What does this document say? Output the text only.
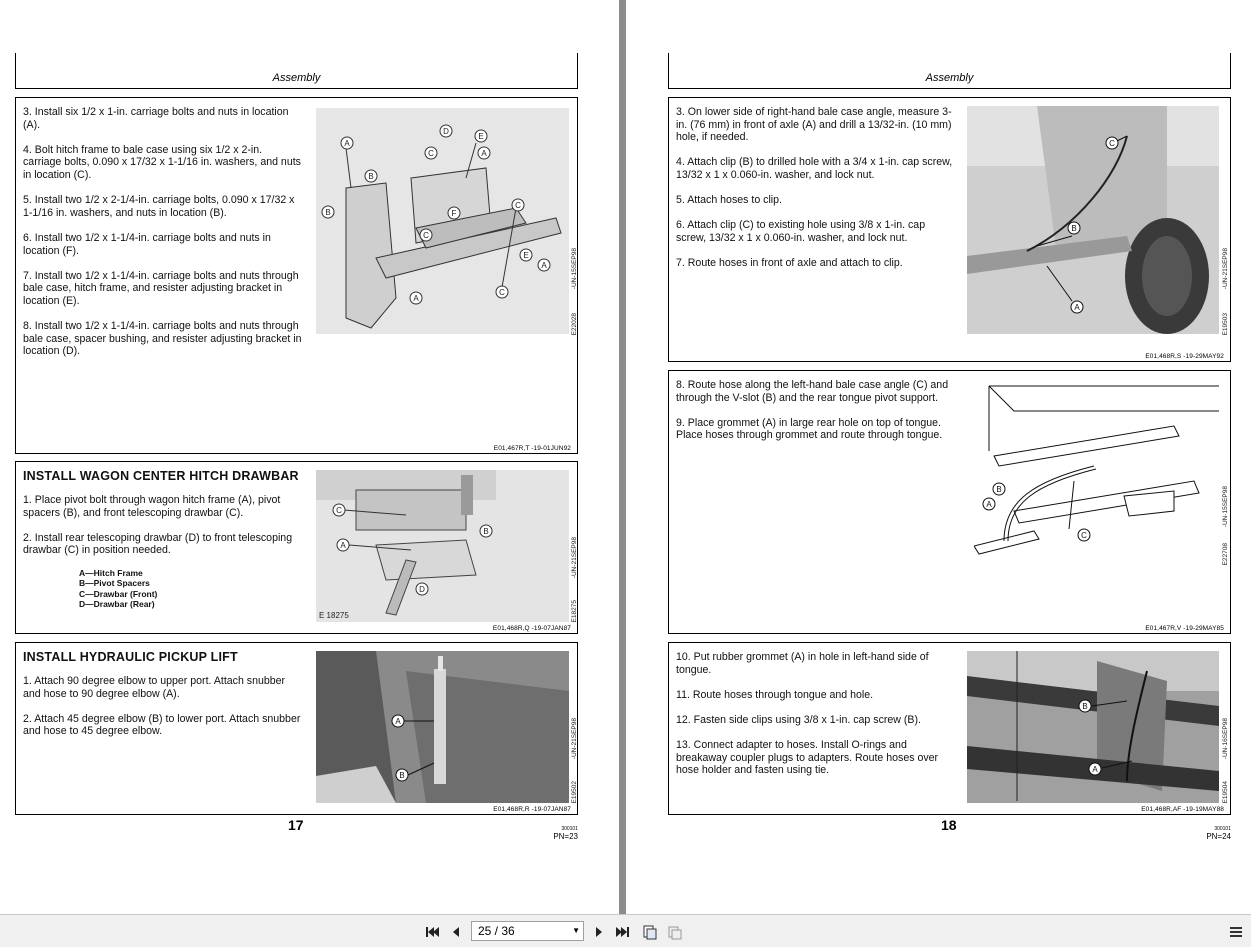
Assembly

3. Install six 1/2 x 1-in. carriage bolts and nuts in location (A).

4. Bolt hitch frame to bale case using six 1/2 x 2-in. carriage bolts, 0.090 x 17/32 x 1-1/16 in. washers, and nuts in location (C).

5. Install two 1/2 x 2-1/4-in. carriage bolts, 0.090 x 17/32 x 1-1/16 in. washers, and nuts in location (B).

6. Install two 1/2 x 1-1/4-in. carriage bolts and nuts in location (F).

7. Install two 1/2 x 1-1/4-in. carriage bolts and nuts through bale case, hitch frame, and resister adjusting bracket in location (E).

8. Install two 1/2 x 1-1/4-in. carriage bolts and nuts through bale case, spacer bushing, and resister adjusting bracket in location (D).

A
B
B
D
E
A
C
F
C
C
E
A
A
C
-UN-15SEP98
E22028
E01,467R,T -19-01JUN92

INSTALL WAGON CENTER HITCH DRAWBAR

1. Place pivot bolt through wagon hitch frame (A), pivot spacers (B), and front telescoping drawbar (C).

2. Install rear telescoping drawbar (D) to front telescoping drawbar (C) in position needed.

A—Hitch Frame
B—Pivot Spacers
C—Drawbar (Front)
D—Drawbar (Rear)
C
B
A
D
E 18275
-UN-21SEP98
E18275
E01,468R,Q -19-07JAN87

INSTALL HYDRAULIC PICKUP LIFT

1. Attach 90 degree elbow to upper port. Attach snubber and hose to 90 degree elbow (A).

2. Attach 45 degree elbow (B) to lower port. Attach snubber and hose to 45 degree elbow.

A
B
-UN-21SEP98
E19502
E01,468R,R -19-07JAN87
17	300101
PN=23
Assembly

3. On lower side of right-hand bale case angle, measure 3-in. (76 mm) in front of axle (A) and drill a 13/32-in. (10 mm) hole, if needed.

4. Attach clip (B) to drilled hole with a 3/4 x 1-in. cap screw, 13/32 x 1 x 0.060-in. washer, and lock nut.

5. Attach hoses to clip.

6. Attach clip (C) to existing hole using 3/8 x 1-in. cap screw, 13/32 x 1 x 0.060-in. washer, and lock nut.

7. Route hoses in front of axle and attach to clip.

C
B
A
-UN-21SEP98
E19503
E01,468R,S -19-29MAY92

8. Route hose along the left-hand bale case angle (C) and through the V-slot (B) and the rear tongue pivot support.

9. Place grommet (A) in large rear hole on top of tongue. Place hoses through grommet and route through tongue.

A
B
C
-UN-15SEP98
E22708
E01,467R,V -19-29MAY85

10. Put rubber grommet (A) in hole in left-hand side of tongue.

11. Route hoses through tongue and hole.

12. Fasten side clips using 3/8 x 1-in. cap screw (B).

13. Connect adapter to hoses. Install O-rings and breakaway coupler plugs to adapters. Route hoses over hose holder and fasten using tie.

B
A
-UN-16SEP98
E19504
E01,468R,AF -19-19MAY88
18	300101
PN=24
25 / 36	▼
